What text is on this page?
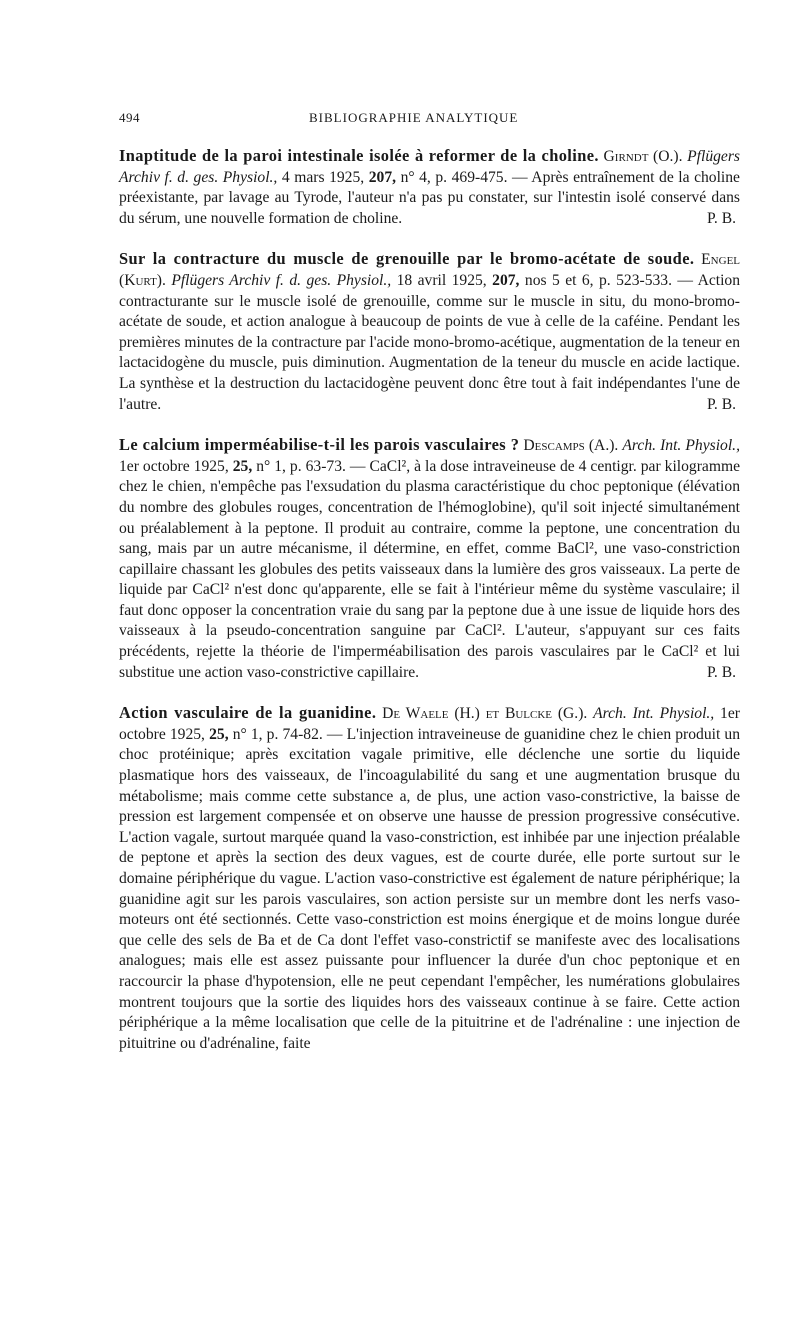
494	BIBLIOGRAPHIE ANALYTIQUE
Inaptitude de la paroi intestinale isolée à reformer de la choline. Girndt (O.). Pflügers Archiv f. d. ges. Physiol., 4 mars 1925, 207, n° 4, p. 469-475. — Après entraînement de la choline préexistante, par lavage au Tyrode, l'auteur n'a pas pu constater, sur l'intestin isolé conservé dans du sérum, une nouvelle formation de choline.	P. B.
Sur la contracture du muscle de grenouille par le bromo-acétate de soude. Engel (Kurt). Pflügers Archiv f. d. ges. Physiol., 18 avril 1925, 207, nos 5 et 6, p. 523-533. — Action contracturante sur le muscle isolé de grenouille, comme sur le muscle in situ, du mono-bromo-acétate de soude, et action analogue à beaucoup de points de vue à celle de la caféine. Pendant les premières minutes de la contracture par l'acide mono-bromo-acétique, augmentation de la teneur en lactacidogène du muscle, puis diminution. Augmentation de la teneur du muscle en acide lactique. La synthèse et la destruction du lactacidogène peuvent donc être tout à fait indépendantes l'une de l'autre.	P. B.
Le calcium imperméabilise-t-il les parois vasculaires ? Descamps (A.). Arch. Int. Physiol., 1er octobre 1925, 25, n° 1, p. 63-73. — CaCl², à la dose intraveineuse de 4 centigr. par kilogramme chez le chien, n'empêche pas l'exsudation du plasma caractéristique du choc peptonique (élévation du nombre des globules rouges, concentration de l'hémoglobine), qu'il soit injecté simultanément ou préalablement à la peptone. Il produit au contraire, comme la peptone, une concentration du sang, mais par un autre mécanisme, il détermine, en effet, comme BaCl², une vaso-constriction capillaire chassant les globules des petits vaisseaux dans la lumière des gros vaisseaux. La perte de liquide par CaCl² n'est donc qu'apparente, elle se fait à l'intérieur même du système vasculaire; il faut donc opposer la concentration vraie du sang par la peptone due à une issue de liquide hors des vaisseaux à la pseudo-concentration sanguine par CaCl². L'auteur, s'appuyant sur ces faits précédents, rejette la théorie de l'imperméabilisation des parois vasculaires par le CaCl² et lui substitue une action vaso-constrictive capillaire.	P. B.
Action vasculaire de la guanidine. De Waele (H.) et Bulcke (G.). Arch. Int. Physiol., 1er octobre 1925, 25, n° 1, p. 74-82. — L'injection intraveineuse de guanidine chez le chien produit un choc protéinique; après excitation vagale primitive, elle déclenche une sortie du liquide plasmatique hors des vaisseaux, de l'incoagulabilité du sang et une augmentation brusque du métabolisme; mais comme cette substance a, de plus, une action vaso-constrictive, la baisse de pression est largement compensée et on observe une hausse de pression progressive consécutive. L'action vagale, surtout marquée quand la vaso-constriction, est inhibée par une injection préalable de peptone et après la section des deux vagues, est de courte durée, elle porte surtout sur le domaine périphérique du vague. L'action vaso-constrictive est également de nature périphérique; la guanidine agit sur les parois vasculaires, son action persiste sur un membre dont les nerfs vaso-moteurs ont été sectionnés. Cette vaso-constriction est moins énergique et de moins longue durée que celle des sels de Ba et de Ca dont l'effet vaso-constrictif se manifeste avec des localisations analogues; mais elle est assez puissante pour influencer la durée d'un choc peptonique et en raccourcir la phase d'hypotension, elle ne peut cependant l'empêcher, les numérations globulaires montrent toujours que la sortie des liquides hors des vaisseaux continue à se faire. Cette action périphérique a la même localisation que celle de la pituitrine et de l'adrénaline : une injection de pituitrine ou d'adrénaline, faite
